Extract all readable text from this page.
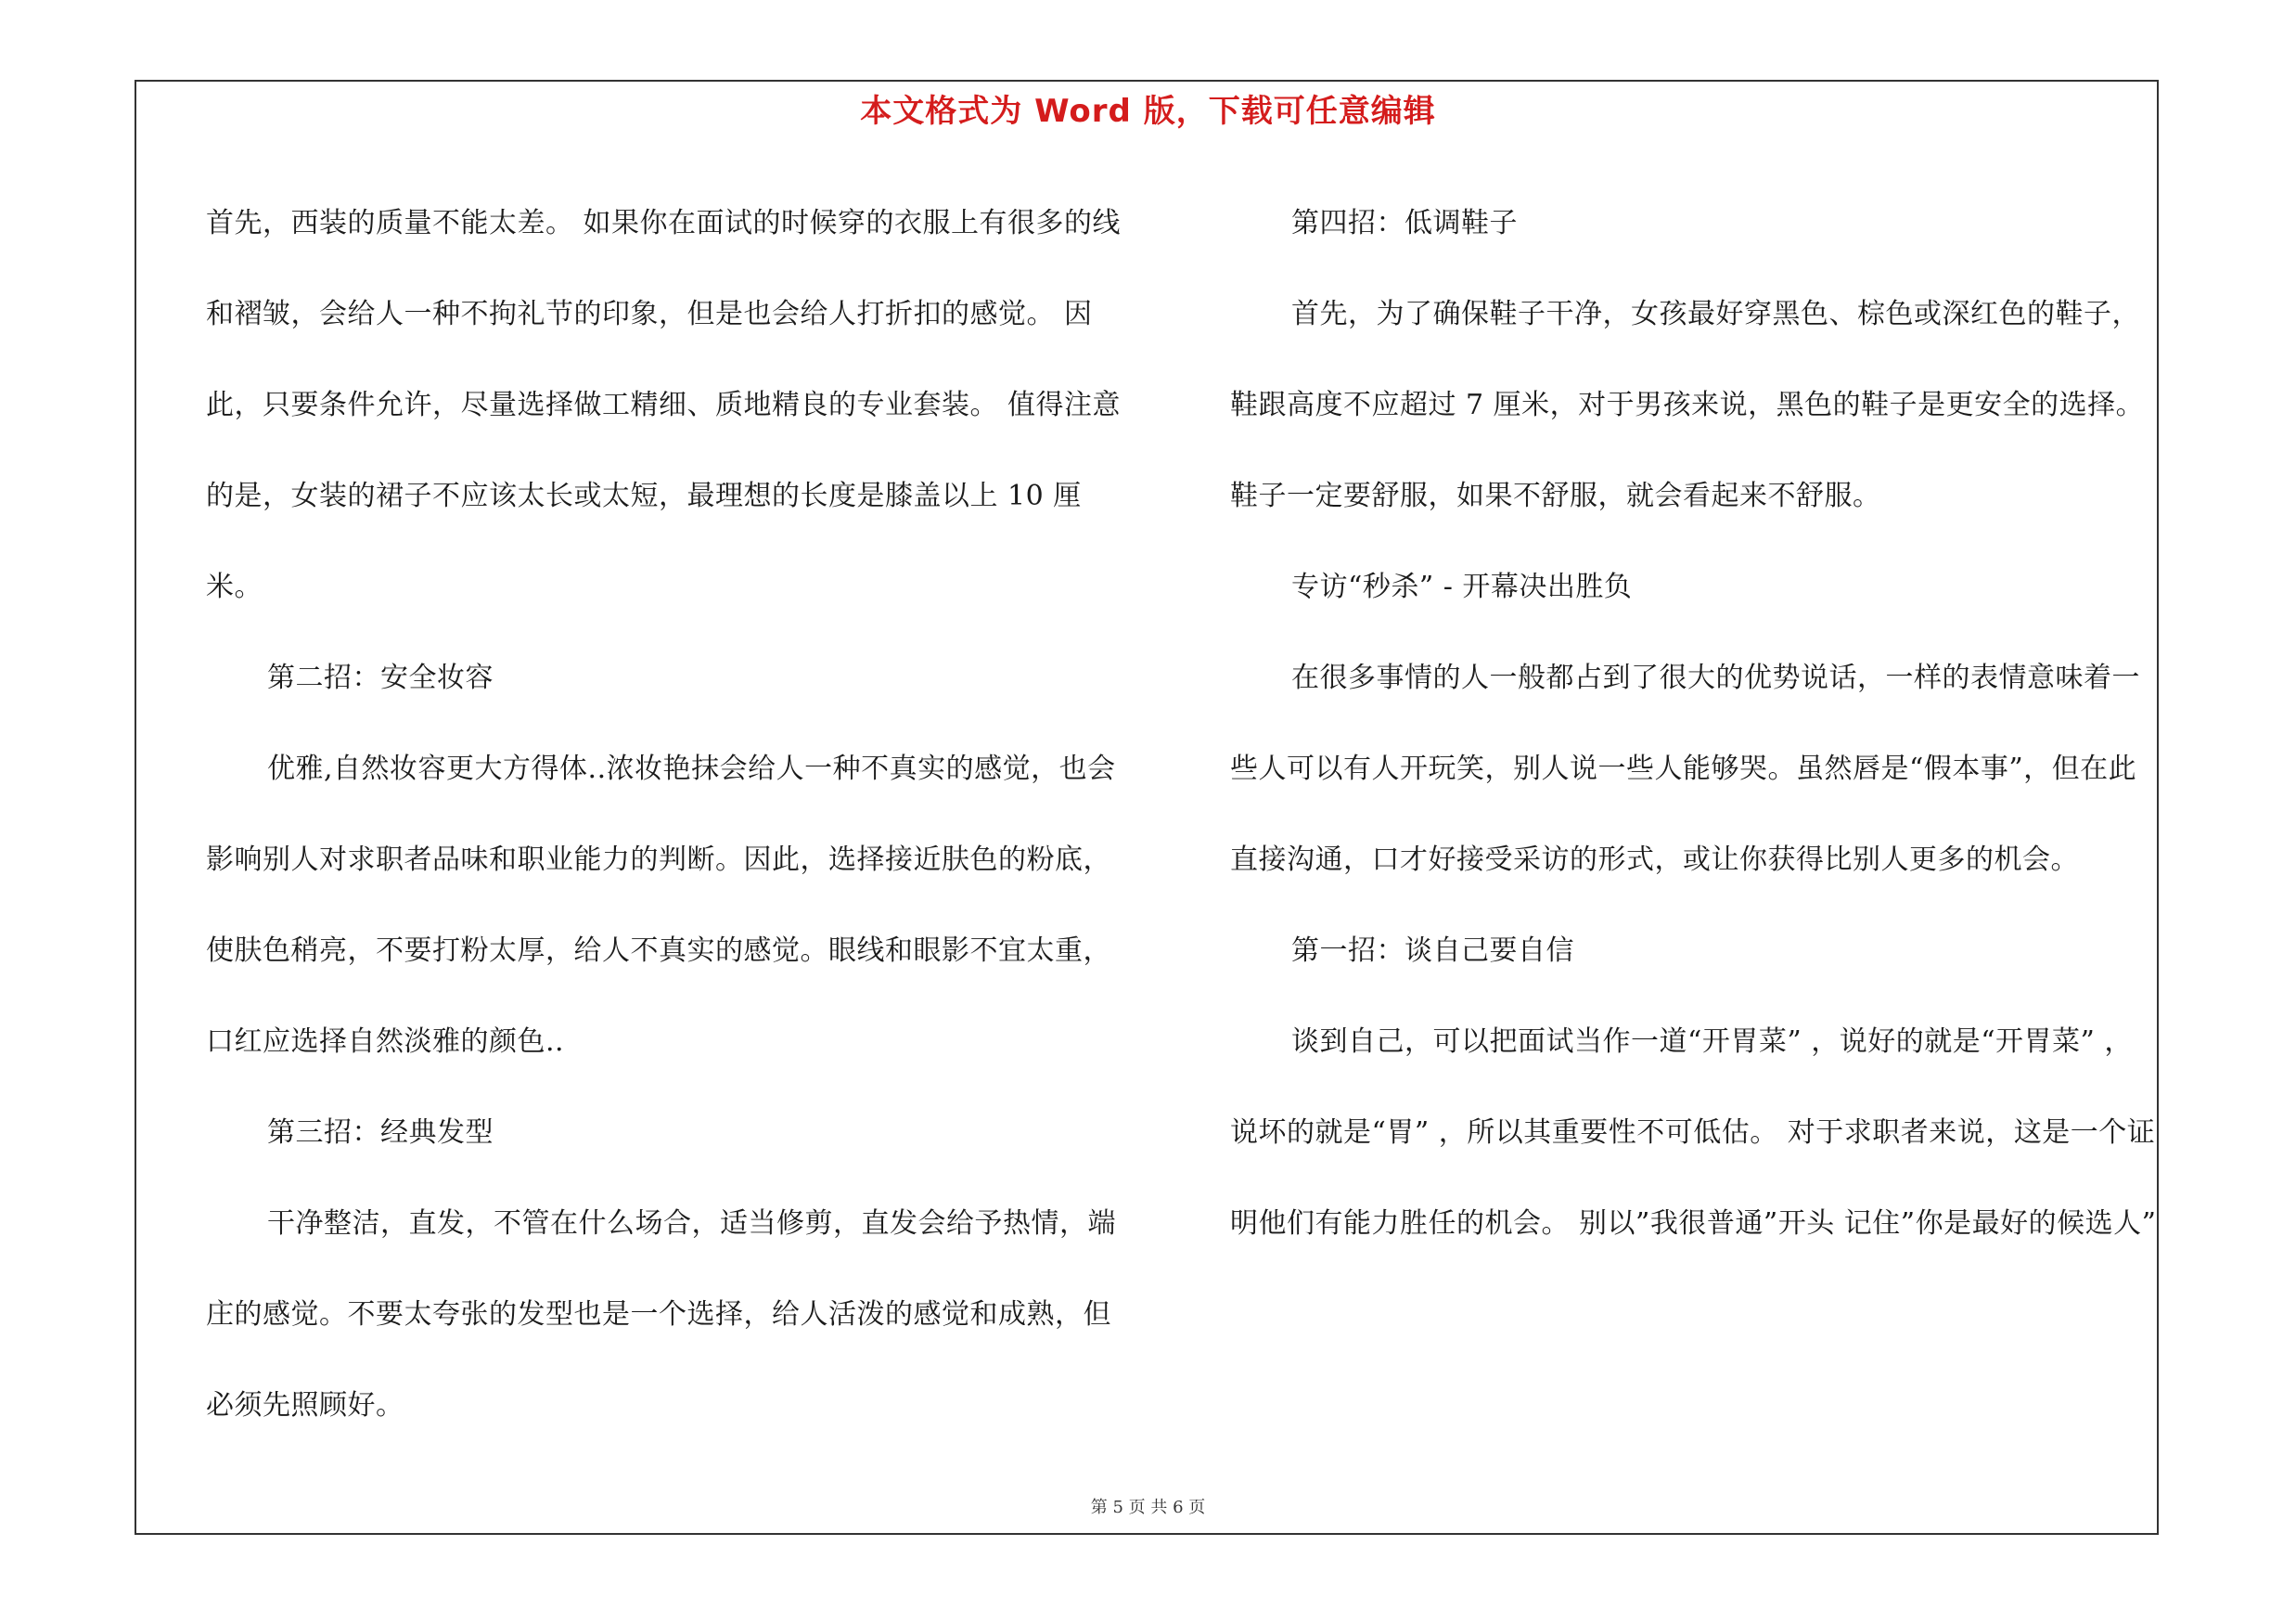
本文格式为 Word 版，下载可任意编辑

首先，西装的质量不能太差。 如果你在面试的时候穿的衣服上有很多的线和褶皱，会给人一种不拘礼节的印象，但是也会给人打折扣的感觉。 因此，只要条件允许，尽量选择做工精细、质地精良的专业套装。 值得注意的是，女装的裙子不应该太长或太短，最理想的长度是膝盖以上 10 厘米。

第二招：安全妆容

优雅,自然妆容更大方得体..浓妆艳抹会给人一种不真实的感觉，也会影响别人对求职者品味和职业能力的判断。因此，选择接近肤色的粉底，使肤色稍亮，不要打粉太厚，给人不真实的感觉。眼线和眼影不宜太重，口红应选择自然淡雅的颜色..

第三招：经典发型

干净整洁，直发，不管在什么场合，适当修剪，直发会给予热情，端庄的感觉。不要太夸张的发型也是一个选择，给人活泼的感觉和成熟，但必须先照顾好。

第四招：低调鞋子

首先，为了确保鞋子干净，女孩最好穿黑色、棕色或深红色的鞋子，鞋跟高度不应超过 7 厘米，对于男孩来说，黑色的鞋子是更安全的选择。 鞋子一定要舒服，如果不舒服，就会看起来不舒服。

专访“秒杀” - 开幕决出胜负

在很多事情的人一般都占到了很大的优势说话，一样的表情意味着一些人可以有人开玩笑，别人说一些人能够哭。虽然唇是“假本事”，但在此直接沟通，口才好接受采访的形式，或让你获得比别人更多的机会。

第一招：谈自己要自信

谈到自己，可以把面试当作一道“开胃菜” ，说好的就是“开胃菜” ，说坏的就是“胃” ，所以其重要性不可低估。 对于求职者来说，这是一个证明他们有能力胜任的机会。 别以”我很普通”开头 记住”你是最好的候选人”

第 5 页 共 6 页
